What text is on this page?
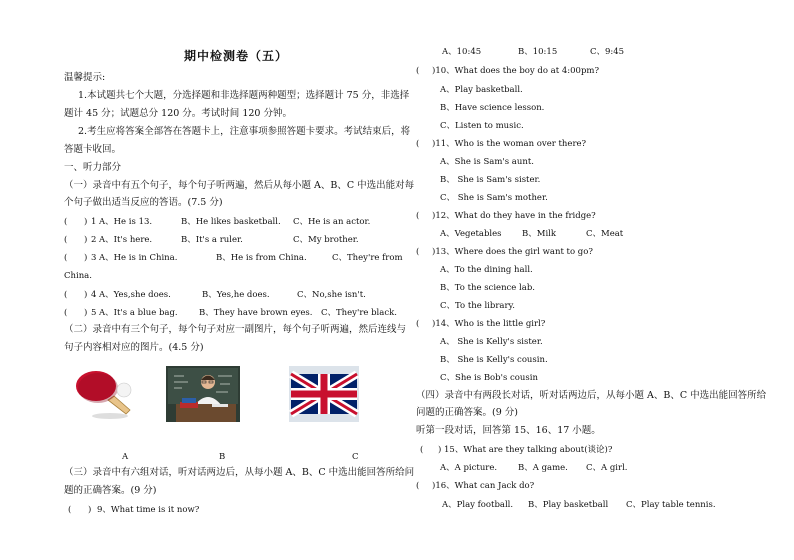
期中检测卷（五）
温馨提示:
1.本试题共七个大题，分选择题和非选择题两种题型；选择题计 75 分，非选择
题计 45 分；试题总分 120 分。考试时间 120 分钟。
2.考生应将答案全部答在答题卡上，注意事项参照答题卡要求。考试结束后，将
答题卡收回。
一、听力部分
（一）录音中有五个句子，每个句子听两遍，然后从每小题 A、B、C 中选出能对每
个句子做出适当反应的答语。(7.5 分)
( ) 1 A、He is 13.	B、He likes basketball. C、He is an actor.
( ) 2 A、It's here.	B、It's a ruler.	C、My brother.
( ) 3 A、He is in China.	B、He is from China.	C、They're from
China.
( ) 4 A、Yes,she does.	B、Yes,he does.	C、No,she isn't.
( ) 5 A、It's a blue bag.	B、They have brown eyes. C、They're black.
（二）录音中有三个句子，每个句子对应一副图片，每个句子听两遍，然后连线与
句子内容相对应的图片。(4.5 分)
A	B	C
（三）录音中有六组对话，听对话两边后，从每小题 A、B、C 中选出能回答所给问
题的正确答案。(9 分)
( ) 9、What time is it now?
A、10:45	B、10:15	C、9:45
( )10、What does the boy do at 4:00pm?
A、Play basketball.
B、Have science lesson.
C、Listen to music.
( )11、Who is the woman over there?
A、She is Sam's aunt.
B、 She is Sam's sister.
C、 She is Sam's mother.
( )12、What do they have in the fridge?
A、Vegetables B、Milk	C、Meat
( )13、Where does the girl want to go?
A、To the dining hall.
B、To the science lab.
C、To the library.
( )14、Who is the little girl?
A、 She is Kelly's sister.
B、 She is Kelly's cousin.
C、She is Bob's cousin
（四）录音中有两段长对话，听对话两边后，从每小题 A、B、C 中选出能回答所给
问题的正确答案。(9 分)
听第一段对话，回答第 15、16、17 小题。
( ) 15、What are they talking about(谈论)?
A、A picture. B、A game. C、A girl.
( )16、What can Jack do?
A、Play football. B、Play basketball C、Play table tennis.
